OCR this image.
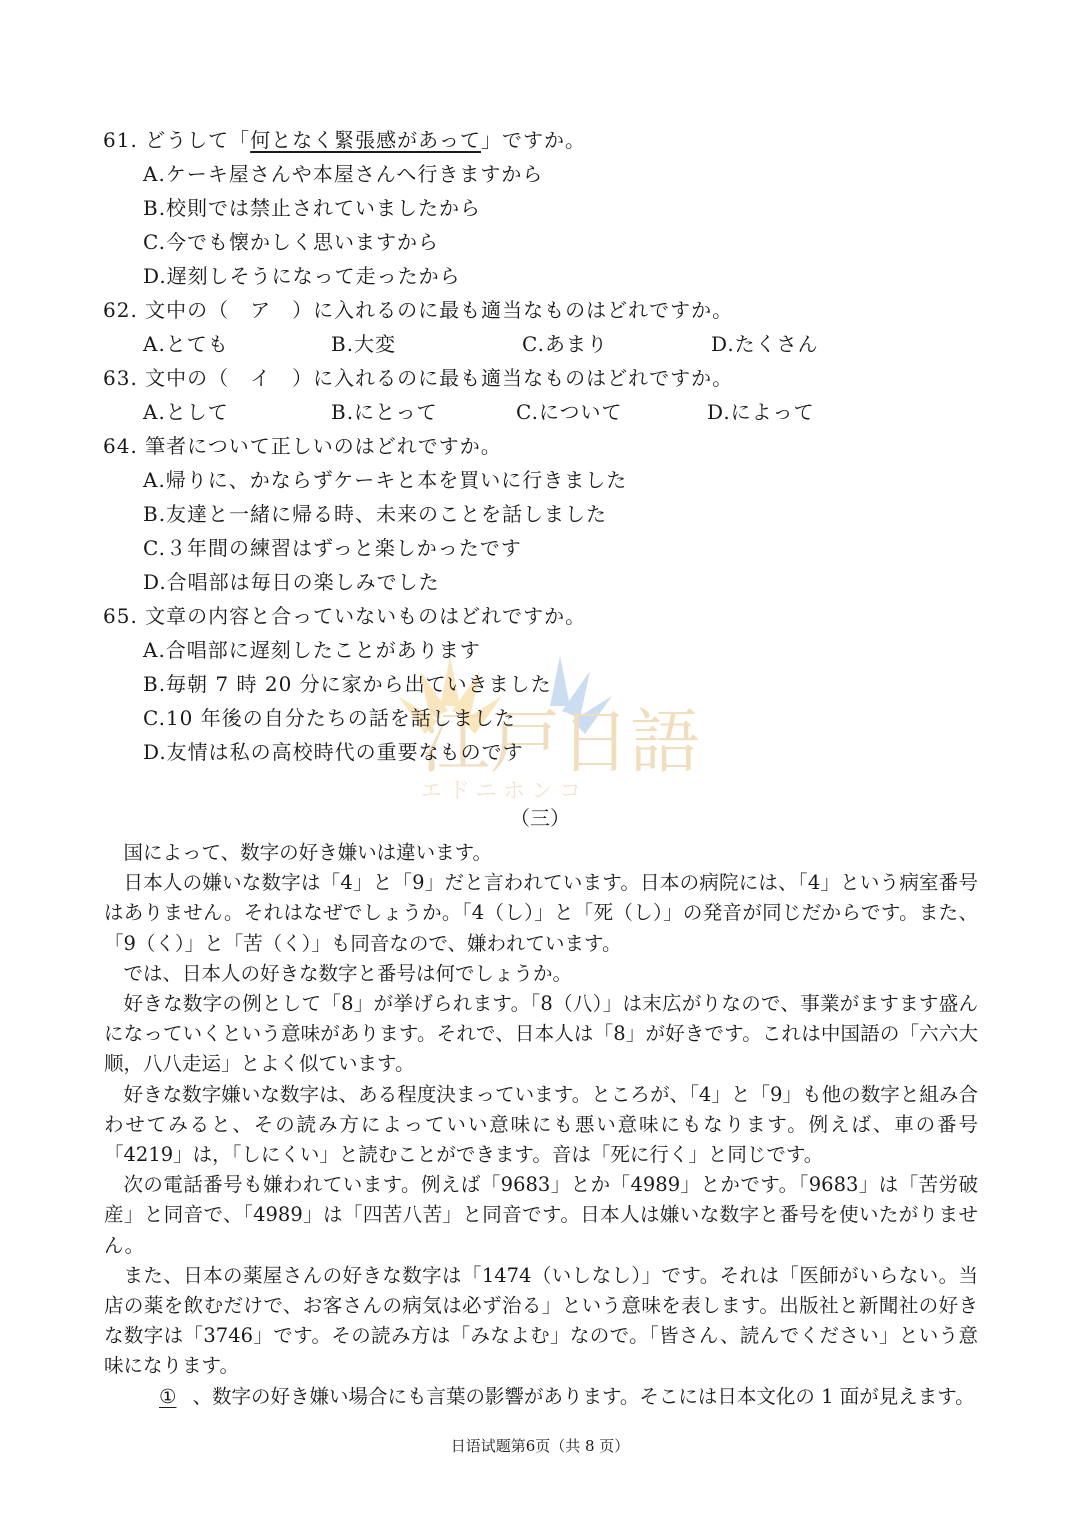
江戸日語
エドニホンコ
61. どうして「何となく緊張感があって」ですか。
A.ケーキ屋さんや本屋さんへ行きますから
B.校則では禁止されていましたから
C.今でも懐かしく思いますから
D.遅刻しそうになって走ったから
62. 文中の（　ア　）に入れるのに最も適当なものはどれですか。
A.とても	B.大変	C.あまり	D.たくさん
63. 文中の（　イ　）に入れるのに最も適当なものはどれですか。
A.として	B.にとって	C.について	D.によって
64. 筆者について正しいのはどれですか。
A.帰りに、かならずケーキと本を買いに行きました
B.友達と一緒に帰る時、未来のことを話しました
C.３年間の練習はずっと楽しかったです
D.合唱部は毎日の楽しみでした
65. 文章の内容と合っていないものはどれですか。
A.合唱部に遅刻したことがあります
B.毎朝 7 時 20 分に家から出ていきました
C.10 年後の自分たちの話を話しました
D.友情は私の高校時代の重要なものです
（三）

国によって、数字の好き嫌いは違います。

日本人の嫌いな数字は「4」と「9」だと言われています。日本の病院には、「4」という病室番号はありません。それはなぜでしょうか。「4（し）」と「死（し）」の発音が同じだからです。また、「9（く）」と「苦（く）」も同音なので、嫌われています。

では、日本人の好きな数字と番号は何でしょうか。

好きな数字の例として「8」が挙げられます。「8（八）」は末広がりなので、事業がますます盛んになっていくという意味があります。それで、日本人は「8」が好きです。これは中国語の「六六大顺，八八走运」とよく似ています。

好きな数字嫌いな数字は、ある程度決まっています。ところが、「4」と「9」も他の数字と組み合わせてみると、その読み方によっていい意味にも悪い意味にもなります。例えば、車の番号「4219」は，「しにくい」と読むことができます。音は「死に行く」と同じです。

次の電話番号も嫌われています。例えば「9683」とか「4989」とかです。「9683」は「苦労破産」と同音で、「4989」は「四苦八苦」と同音です。日本人は嫌いな数字と番号を使いたがりません。

また、日本の薬屋さんの好きな数字は「1474（いしなし）」です。それは「医師がいらない。当店の薬を飲むだけで、お客さんの病気は必ず治る」という意味を表します。出版社と新聞社の好きな数字は「3746」です。その読み方は「みなよむ」なので。「皆さん、読んでください」という意味になります。

① 、数字の好き嫌い場合にも言葉の影響があります。そこには日本文化の 1 面が見えます。

日语试题第6页（共 8 页）
